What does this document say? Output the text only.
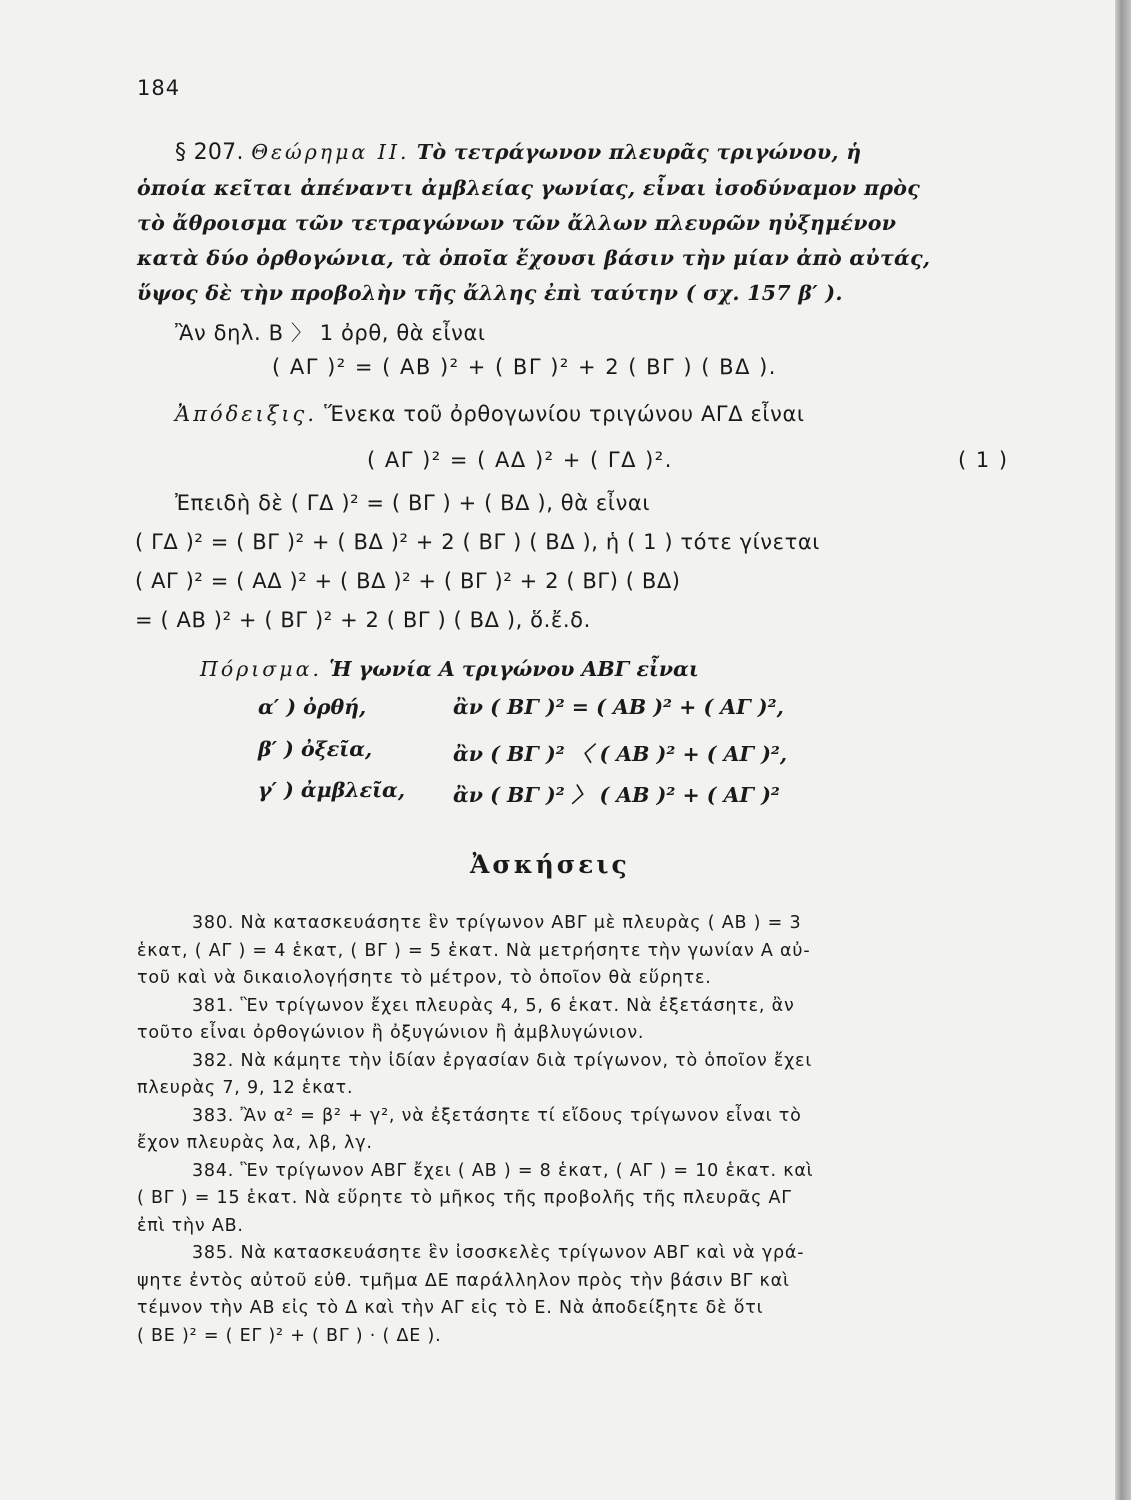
184
§ 207. Θεώρημα ΙΙ. Τὸ τετράγωνον πλευρᾶς τριγώνου, ἡ
ὁποία κεῖται ἀπέναντι ἀμβλείας γωνίας, εἶναι ἰσοδύναμον πρὸς
τὸ ἄθροισμα τῶν τετραγώνων τῶν ἄλλων πλευρῶν ηὐξημένον
κατὰ δύο ὀρθογώνια, τὰ ὁποῖα ἔχουσι βάσιν τὴν μίαν ἀπὸ αὐτάς,
ὕψος δὲ τὴν προβολὴν τῆς ἄλλης ἐπὶ ταύτην ( σχ. 157 β′ ).
Ἂν δηλ. Β 〉 1 ὀρθ, θὰ εἶναι
( ΑΓ )² = ( ΑΒ )² + ( ΒΓ )² + 2 ( ΒΓ ) ( ΒΔ ).
Ἀπόδειξις. Ἕνεκα τοῦ ὀρθογωνίου τριγώνου ΑΓΔ εἶναι
( ΑΓ )² = ( ΑΔ )² + ( ΓΔ )².	( 1 )
Ἐπειδὴ δὲ ( ΓΔ )² = ( ΒΓ ) + ( ΒΔ ), θὰ εἶναι
( ΓΔ )² = ( ΒΓ )² + ( ΒΔ )² + 2 ( ΒΓ ) ( ΒΔ ), ἡ ( 1 ) τότε γίνεται
( ΑΓ )² = ( ΑΔ )² + ( ΒΔ )² + ( ΒΓ )² + 2 ( ΒΓ) ( ΒΔ)
= ( ΑΒ )² + ( ΒΓ )² + 2 ( ΒΓ ) ( ΒΔ ), ὅ.ἔ.δ.
Πόρισμα. Ἡ γωνία Α τριγώνου ΑΒΓ εἶναι
α′ ) ὀρθή,	ἂν ( ΒΓ )² = ( ΑΒ )² + ( ΑΓ )²,
β′ ) ὀξεῖα,	ἂν ( ΒΓ )² 〈 ( ΑΒ )² + ( ΑΓ )²,
γ′ ) ἀμβλεῖα, ἂν ( ΒΓ )² 〉 ( ΑΒ )² + ( ΑΓ )²
Ἀσκήσεις
380. Νὰ κατασκευάσητε ἓν τρίγωνον ΑΒΓ μὲ πλευρὰς ( ΑΒ ) = 3
ἑκατ, ( ΑΓ ) = 4 ἑκατ, ( ΒΓ ) = 5 ἑκατ. Νὰ μετρήσητε τὴν γωνίαν Α αὐ-
τοῦ καὶ νὰ δικαιολογήσητε τὸ μέτρον, τὸ ὁποῖον θὰ εὕρητε.
381. Ἓν τρίγωνον ἔχει πλευρὰς 4, 5, 6 ἑκατ. Νὰ ἐξετάσητε, ἂν
τοῦτο εἶναι ὀρθογώνιον ἢ ὀξυγώνιον ἢ ἀμβλυγώνιον.
382. Νὰ κάμητε τὴν ἰδίαν ἐργασίαν διὰ τρίγωνον, τὸ ὁποῖον ἔχει
πλευρὰς 7, 9, 12 ἑκατ.
383. Ἂν α² = β² + γ², νὰ ἐξετάσητε τί εἴδους τρίγωνον εἶναι τὸ
ἔχον πλευρὰς λα, λβ, λγ.
384. Ἓν τρίγωνον ΑΒΓ ἔχει ( ΑΒ ) = 8 ἑκατ, ( ΑΓ ) = 10 ἑκατ. καὶ
( ΒΓ ) = 15 ἑκατ. Νὰ εὕρητε τὸ μῆκος τῆς προβολῆς τῆς πλευρᾶς ΑΓ
ἐπὶ τὴν ΑΒ.
385. Νὰ κατασκευάσητε ἓν ἰσοσκελὲς τρίγωνον ΑΒΓ καὶ νὰ γρά-
ψητε ἐντὸς αὐτοῦ εὐθ. τμῆμα ΔΕ παράλληλον πρὸς τὴν βάσιν ΒΓ καὶ
τέμνον τὴν ΑΒ εἰς τὸ Δ καὶ τὴν ΑΓ εἰς τὸ Ε. Νὰ ἀποδείξητε δὲ ὅτι
( ΒΕ )² = ( ΕΓ )² + ( ΒΓ ) · ( ΔΕ ).
